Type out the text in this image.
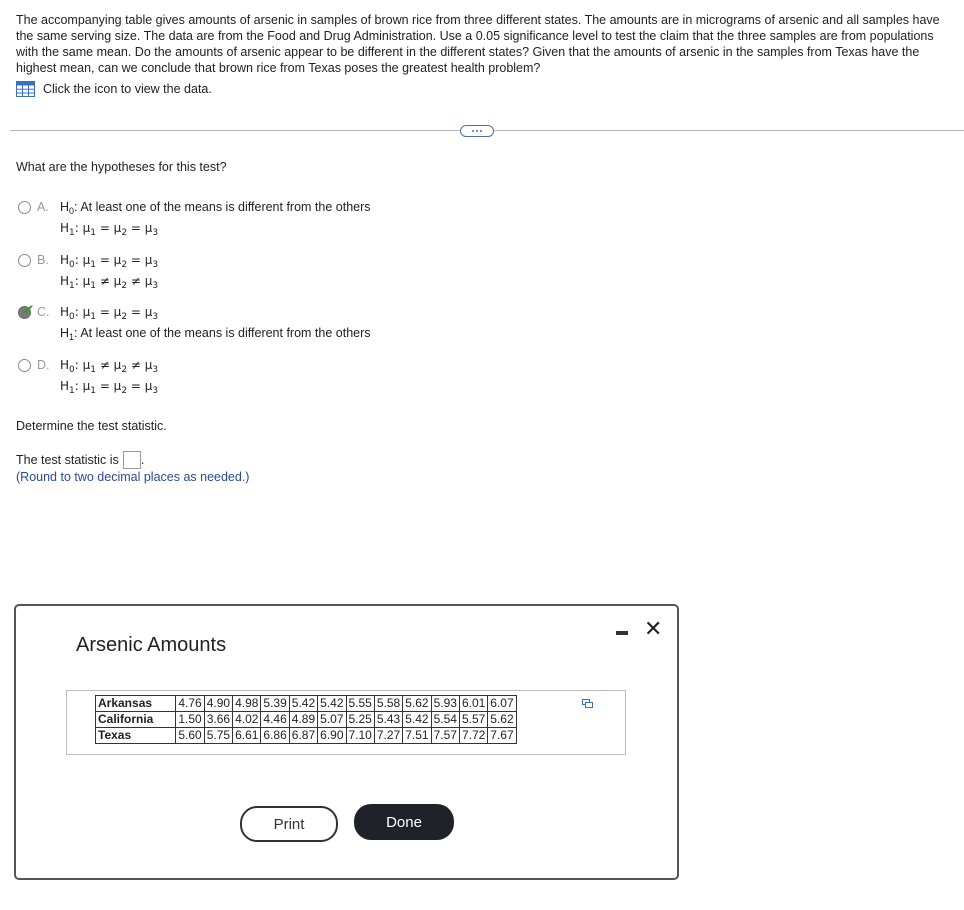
The accompanying table gives amounts of arsenic in samples of brown rice from three different states. The amounts are in micrograms of arsenic and all samples have the same serving size. The data are from the Food and Drug Administration. Use a 0.05 significance level to test the claim that the three samples are from populations with the same mean. Do the amounts of arsenic appear to be different in the different states? Given that the amounts of arsenic in the samples from Texas have the highest mean, can we conclude that brown rice from Texas poses the greatest health problem?
Click the icon to view the data.
What are the hypotheses for this test?
A. $H_0$: At least one of the means is different from the others
$H_1$: $\mu_1 = \mu_2 = \mu_3$
B. $H_0$: $\mu_1 = \mu_2 = \mu_3$
$H_1$: $\mu_1 \ne \mu_2 \ne \mu_3$
✔ C. $H_0$: $\mu_1 = \mu_2 = \mu_3$
$H_1$: At least one of the means is different from the others
D. $H_0$: $\mu_1 \ne \mu_2 \ne \mu_3$
$H_1$: $\mu_1 = \mu_2 = \mu_3$
Determine the test statistic.
The test statistic is .
(Round to two decimal places as needed.)
Arsenic Amounts
✕
Arkansas	4.76	4.90	4.98	5.39	5.42	5.42	5.55	5.58	5.62	5.93	6.01	6.07
California	1.50	3.66	4.02	4.46	4.89	5.07	5.25	5.43	5.42	5.54	5.57	5.62
Texas	5.60	5.75	6.61	6.86	6.87	6.90	7.10	7.27	7.51	7.57	7.72	7.67
Print	Done
